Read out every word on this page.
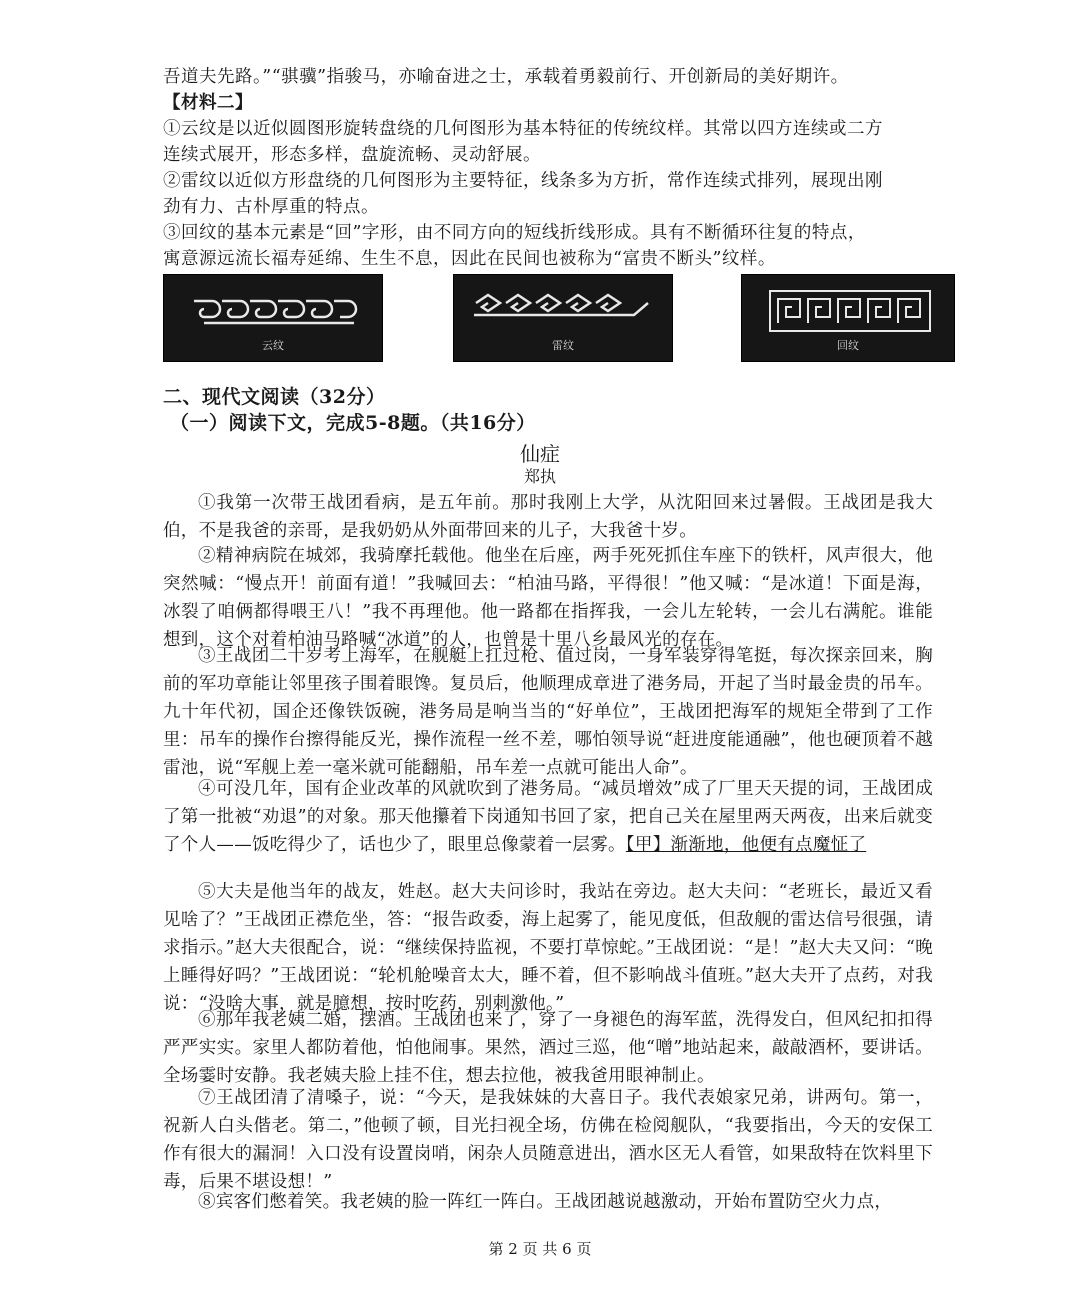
吾道夫先路。”“骐骥”指骏马，亦喻奋进之士，承载着勇毅前行、开创新局的美好期许。
【材料二】
①云纹是以近似圆图形旋转盘绕的几何图形为基本特征的传统纹样。其常以四方连续或二方
连续式展开，形态多样，盘旋流畅、灵动舒展。
②雷纹以近似方形盘绕的几何图形为主要特征，线条多为方折，常作连续式排列，展现出刚
劲有力、古朴厚重的特点。
③回纹的基本元素是“回”字形，由不同方向的短线折线形成。具有不断循环往复的特点，
寓意源远流长福寿延绵、生生不息，因此在民间也被称为“富贵不断头”纹样。
云纹	雷纹	回纹
二、现代文阅读（32分）
（一）阅读下文，完成5-8题。（共16分）
仙症
郑执
①我第一次带王战团看病，是五年前。那时我刚上大学，从沈阳回来过暑假。王战团是我大伯，不是我爸的亲哥，是我奶奶从外面带回来的儿子，大我爸十岁。
②精神病院在城郊，我骑摩托载他。他坐在后座，两手死死抓住车座下的铁杆，风声很大，他突然喊：“慢点开！前面有道！”我喊回去：“柏油马路，平得很！”他又喊：“是冰道！下面是海，冰裂了咱俩都得喂王八！”我不再理他。他一路都在指挥我，一会儿左轮转，一会儿右满舵。谁能想到，这个对着柏油马路喊“冰道”的人，也曾是十里八乡最风光的存在。
③王战团二十岁考上海军，在舰艇上扛过枪、值过岗，一身军装穿得笔挺，每次探亲回来，胸前的军功章能让邻里孩子围着眼馋。复员后，他顺理成章进了港务局，开起了当时最金贵的吊车。九十年代初，国企还像铁饭碗，港务局是响当当的“好单位”，王战团把海军的规矩全带到了工作里：吊车的操作台擦得能反光，操作流程一丝不差，哪怕领导说“赶进度能通融”，他也硬顶着不越雷池，说“军舰上差一毫米就可能翻船，吊车差一点就可能出人命”。
④可没几年，国有企业改革的风就吹到了港务局。“减员增效”成了厂里天天提的词，王战团成了第一批被“劝退”的对象。那天他攥着下岗通知书回了家，把自己关在屋里两天两夜，出来后就变了个人——饭吃得少了，话也少了，眼里总像蒙着一层雾。【甲】渐渐地，他便有点魔怔了
⑤大夫是他当年的战友，姓赵。赵大夫问诊时，我站在旁边。赵大夫问：“老班长，最近又看见啥了？”王战团正襟危坐，答：“报告政委，海上起雾了，能见度低，但敌舰的雷达信号很强，请求指示。”赵大夫很配合，说：“继续保持监视，不要打草惊蛇。”王战团说：“是！”赵大夫又问：“晚上睡得好吗？”王战团说：“轮机舱噪音太大，睡不着，但不影响战斗值班。”赵大夫开了点药，对我说：“没啥大事，就是臆想，按时吃药，别刺激他。”
⑥那年我老姨二婚，摆酒。王战团也来了，穿了一身褪色的海军蓝，洗得发白，但风纪扣扣得严严实实。家里人都防着他，怕他闹事。果然，酒过三巡，他“噌”地站起来，敲敲酒杯，要讲话。全场霎时安静。我老姨夫脸上挂不住，想去拉他，被我爸用眼神制止。
⑦王战团清了清嗓子，说：“今天，是我妹妹的大喜日子。我代表娘家兄弟，讲两句。第一，祝新人白头偕老。第二，”他顿了顿，目光扫视全场，仿佛在检阅舰队，“我要指出，今天的安保工作有很大的漏洞！入口没有设置岗哨，闲杂人员随意进出，酒水区无人看管，如果敌特在饮料里下毒，后果不堪设想！”
⑧宾客们憋着笑。我老姨的脸一阵红一阵白。王战团越说越激动，开始布置防空火力点，
第 2 页 共 6 页
